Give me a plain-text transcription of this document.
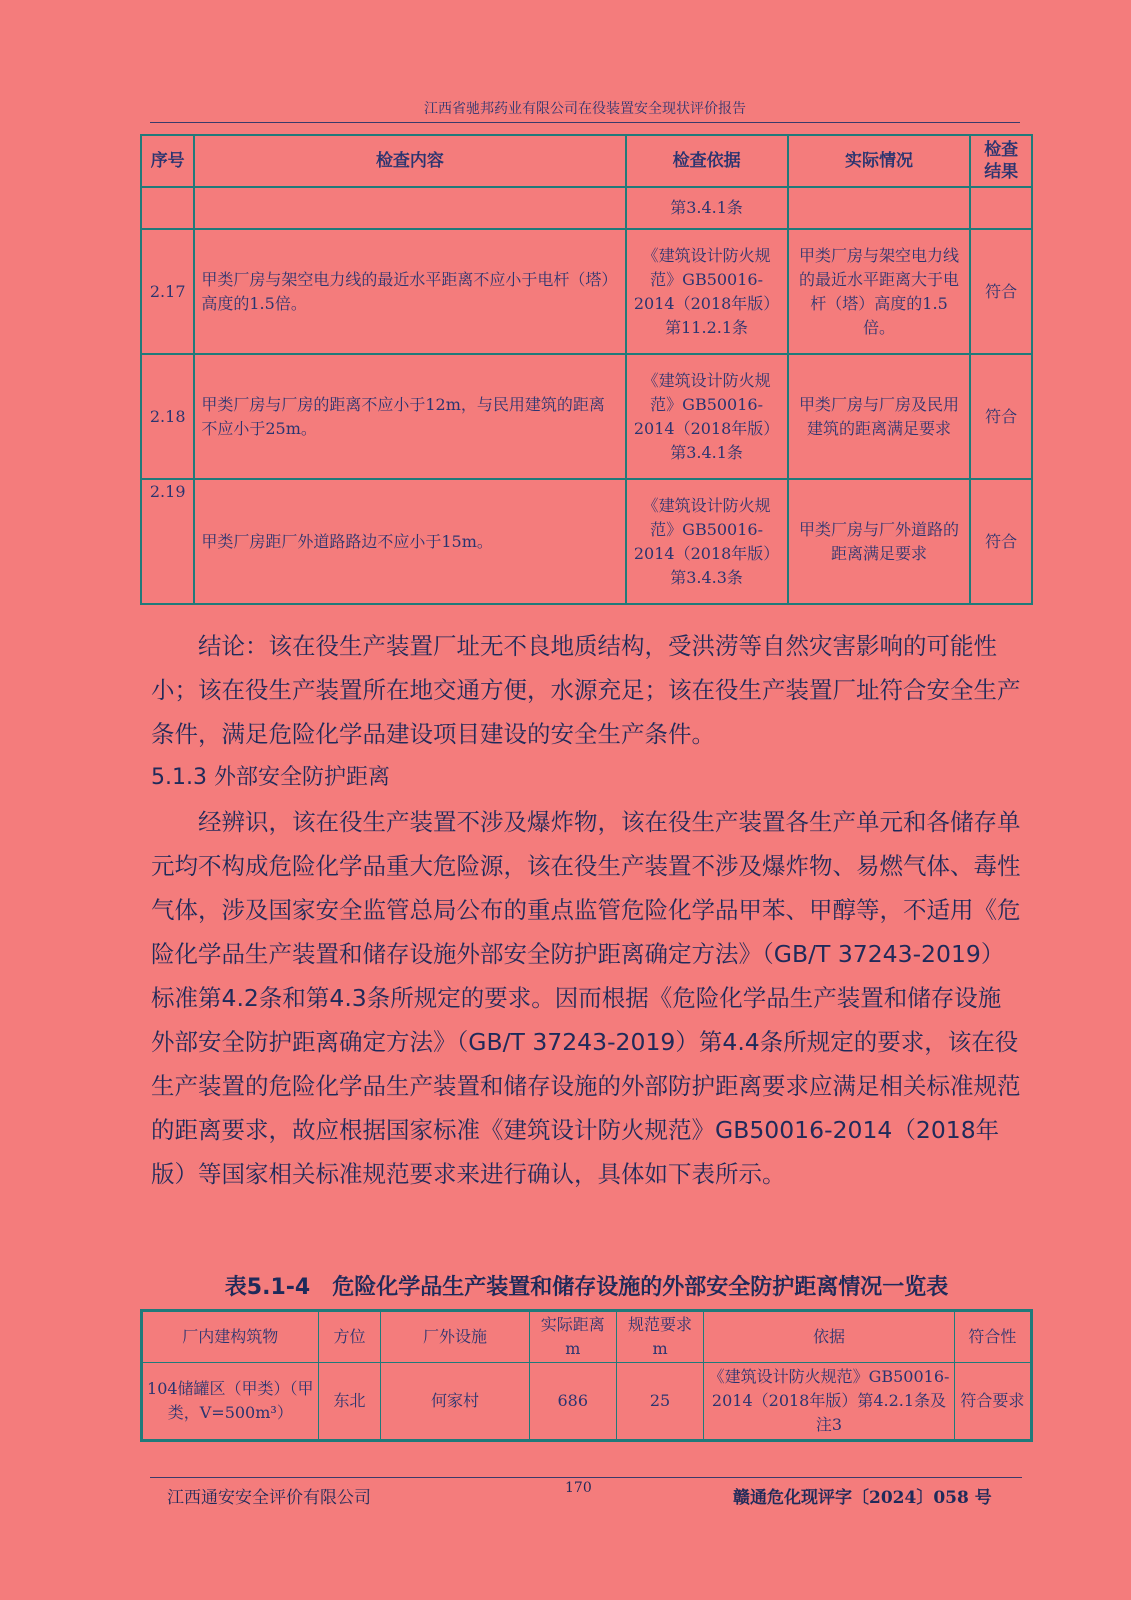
江西省驰邦药业有限公司在役装置安全现状评价报告
序号	检查内容	检查依据	实际情况	检查结果
		第3.4.1条		
2.17	甲类厂房与架空电力线的最近水平距离不应小于电杆（塔）高度的1.5倍。	《建筑设计防火规范》GB50016-2014（2018年版）第11.2.1条	甲类厂房与架空电力线的最近水平距离大于电杆（塔）高度的1.5倍。	符合
2.18	甲类厂房与厂房的距离不应小于12m，与民用建筑的距离不应小于25m。	《建筑设计防火规范》GB50016-2014（2018年版）第3.4.1条	甲类厂房与厂房及民用建筑的距离满足要求	符合
2.19	甲类厂房距厂外道路路边不应小于15m。	《建筑设计防火规范》GB50016-2014（2018年版）第3.4.3条	甲类厂房与厂外道路的距离满足要求	符合

结论：该在役生产装置厂址无不良地质结构，受洪涝等自然灾害影响的可能性小；该在役生产装置所在地交通方便，水源充足；该在役生产装置厂址符合安全生产条件，满足危险化学品建设项目建设的安全生产条件。

5.1.3 外部安全防护距离

经辨识，该在役生产装置不涉及爆炸物，该在役生产装置各生产单元和各储存单元均不构成危险化学品重大危险源，该在役生产装置不涉及爆炸物、易燃气体、毒性气体，涉及国家安全监管总局公布的重点监管危险化学品甲苯、甲醇等，不适用《危险化学品生产装置和储存设施外部安全防护距离确定方法》（GB/T 37243-2019）标准第4.2条和第4.3条所规定的要求。因而根据《危险化学品生产装置和储存设施外部安全防护距离确定方法》（GB/T 37243-2019）第4.4条所规定的要求，该在役生产装置的危险化学品生产装置和储存设施的外部防护距离要求应满足相关标准规范的距离要求，故应根据国家标准《建筑设计防火规范》GB50016-2014（2018年版）等国家相关标准规范要求来进行确认，具体如下表所示。

表5.1-4　危险化学品生产装置和储存设施的外部安全防护距离情况一览表
厂内建构筑物	方位	厂外设施	实际距离m	规范要求m	依据	符合性
104储罐区（甲类）（甲类，V=500m³）	东北	何家村	686	25	《建筑设计防火规范》GB50016-2014（2018年版）第4.2.1条及注3	符合要求
江西通安安全评价有限公司	170	赣通危化现评字〔2024〕058 号
